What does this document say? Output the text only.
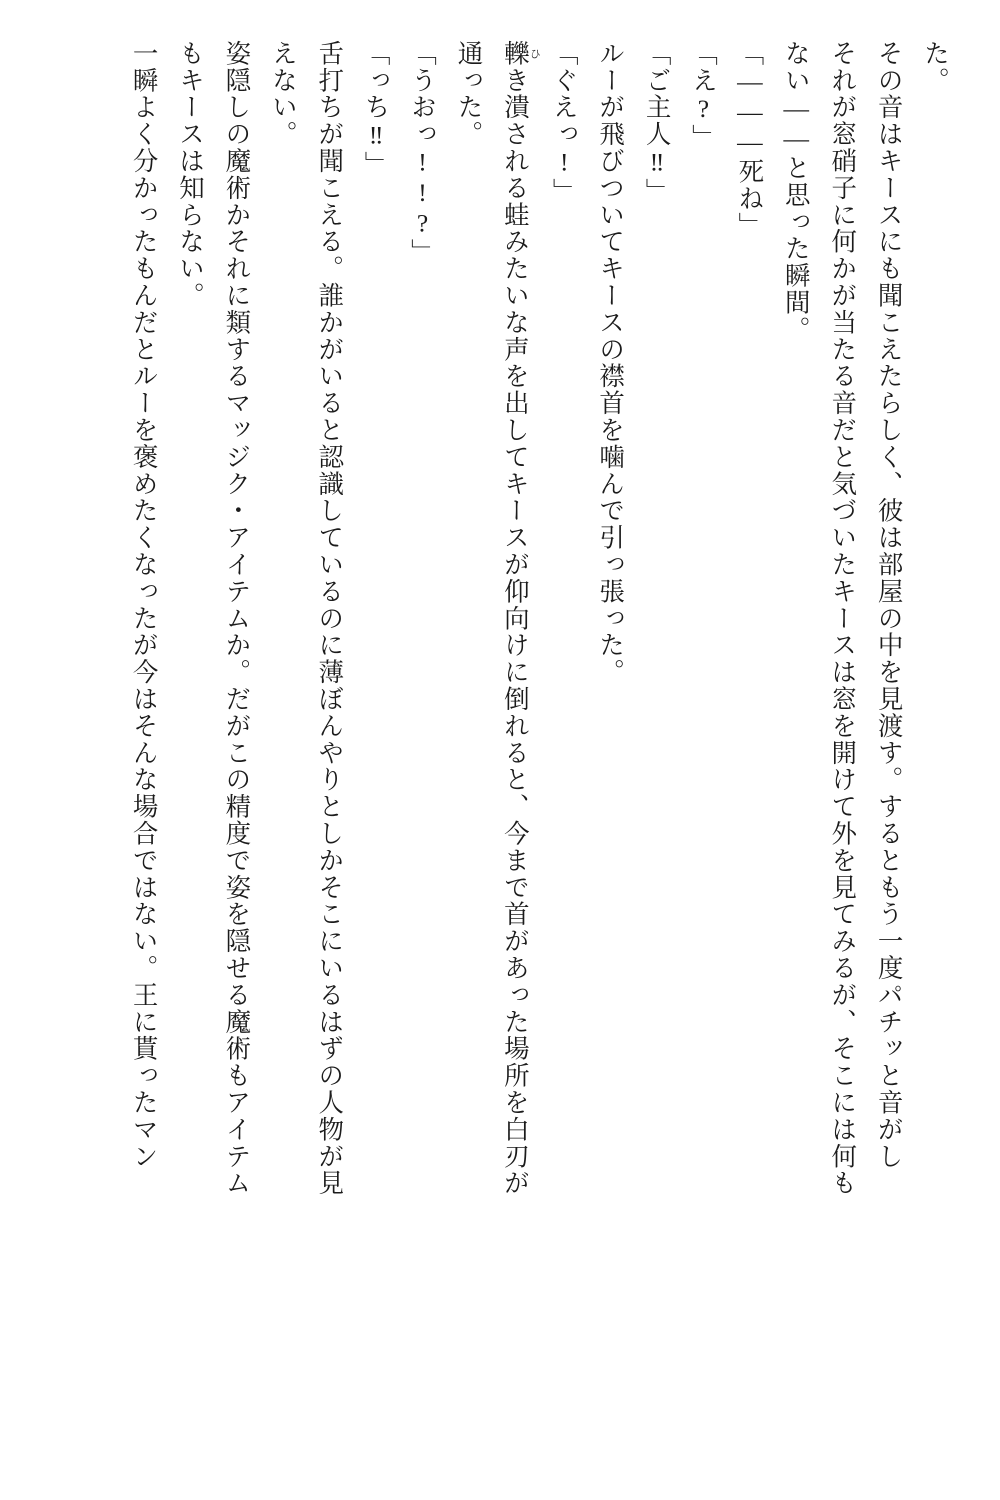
た。

その音はキースにも聞こえたらしく、彼は部屋の中を見渡す。するともう一度パチッと音がし

それが窓硝子に何かが当たる音だと気づいたキースは窓を開けて外を見てみるが、そこには何も

ない――と思った瞬間。

「―――死ね」

「え?」

「ご主人‼」

ルーが飛びついてキースの襟首を噛んで引っ張った。

「ぐえっ!」

轢ひき潰される蛙みたいな声を出してキースが仰向けに倒れると、今まで首があった場所を白刃が

通った。

「うおっ!!?」

「っち‼」

舌打ちが聞こえる。誰かがいると認識しているのに薄ぼんやりとしかそこにいるはずの人物が見

えない。

姿隠しの魔術かそれに類するマッジク・アイテムか。だがこの精度で姿を隠せる魔術もアイテム

もキースは知らない。

一瞬よく分かったもんだとルーを褒めたくなったが今はそんな場合ではない。王に貰ったマン
